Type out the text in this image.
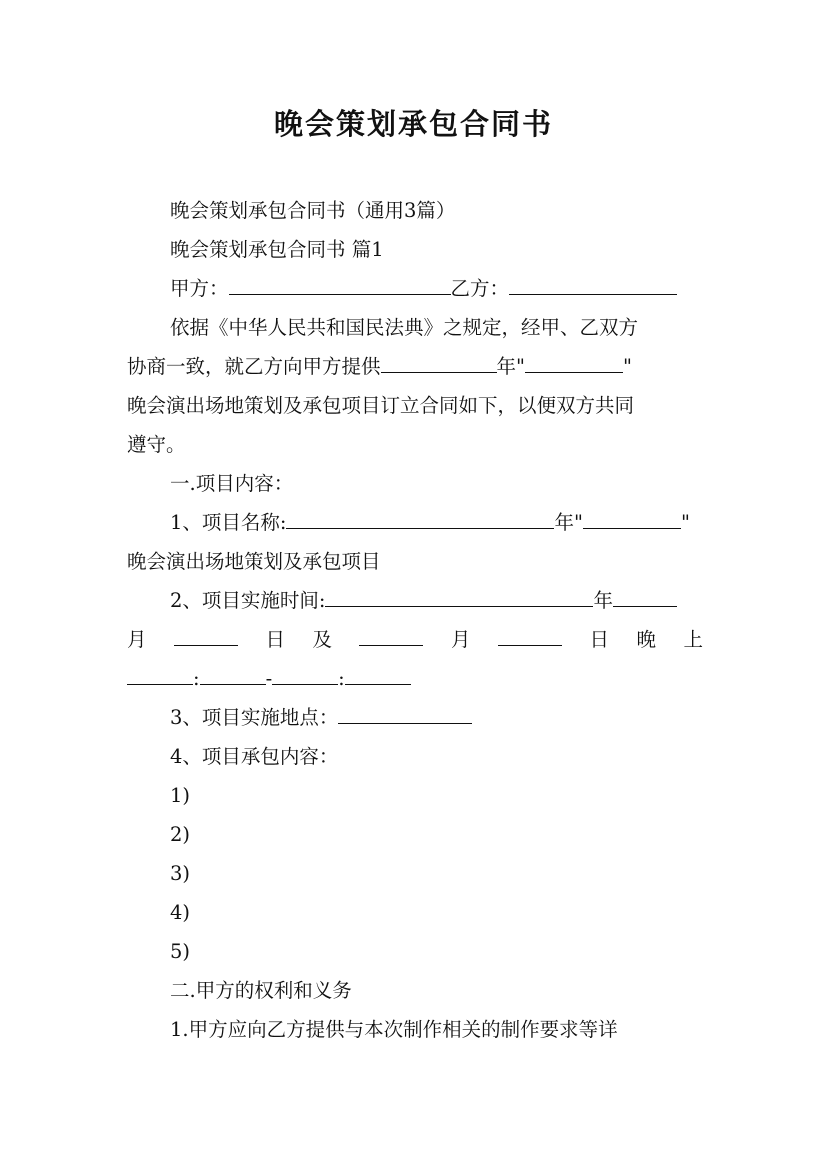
晚会策划承包合同书
晚会策划承包合同书（通用3篇）
晚会策划承包合同书 篇1
甲方：	乙方：
依据《中华人民共和国民法典》之规定，经甲、乙双方
协商一致，就乙方向甲方提供	年"	"
晚会演出场地策划及承包项目订立合同如下，以便双方共同
遵守。
一.项目内容：
1、项目名称:	年"	"
晚会演出场地策划及承包项目
2、项目实施时间:	年
月	日 及	月	日 晚 上
:	-	:
3、项目实施地点：
4、项目承包内容：
1)
2)
3)
4)
5)
二.甲方的权利和义务
1.甲方应向乙方提供与本次制作相关的制作要求等详
